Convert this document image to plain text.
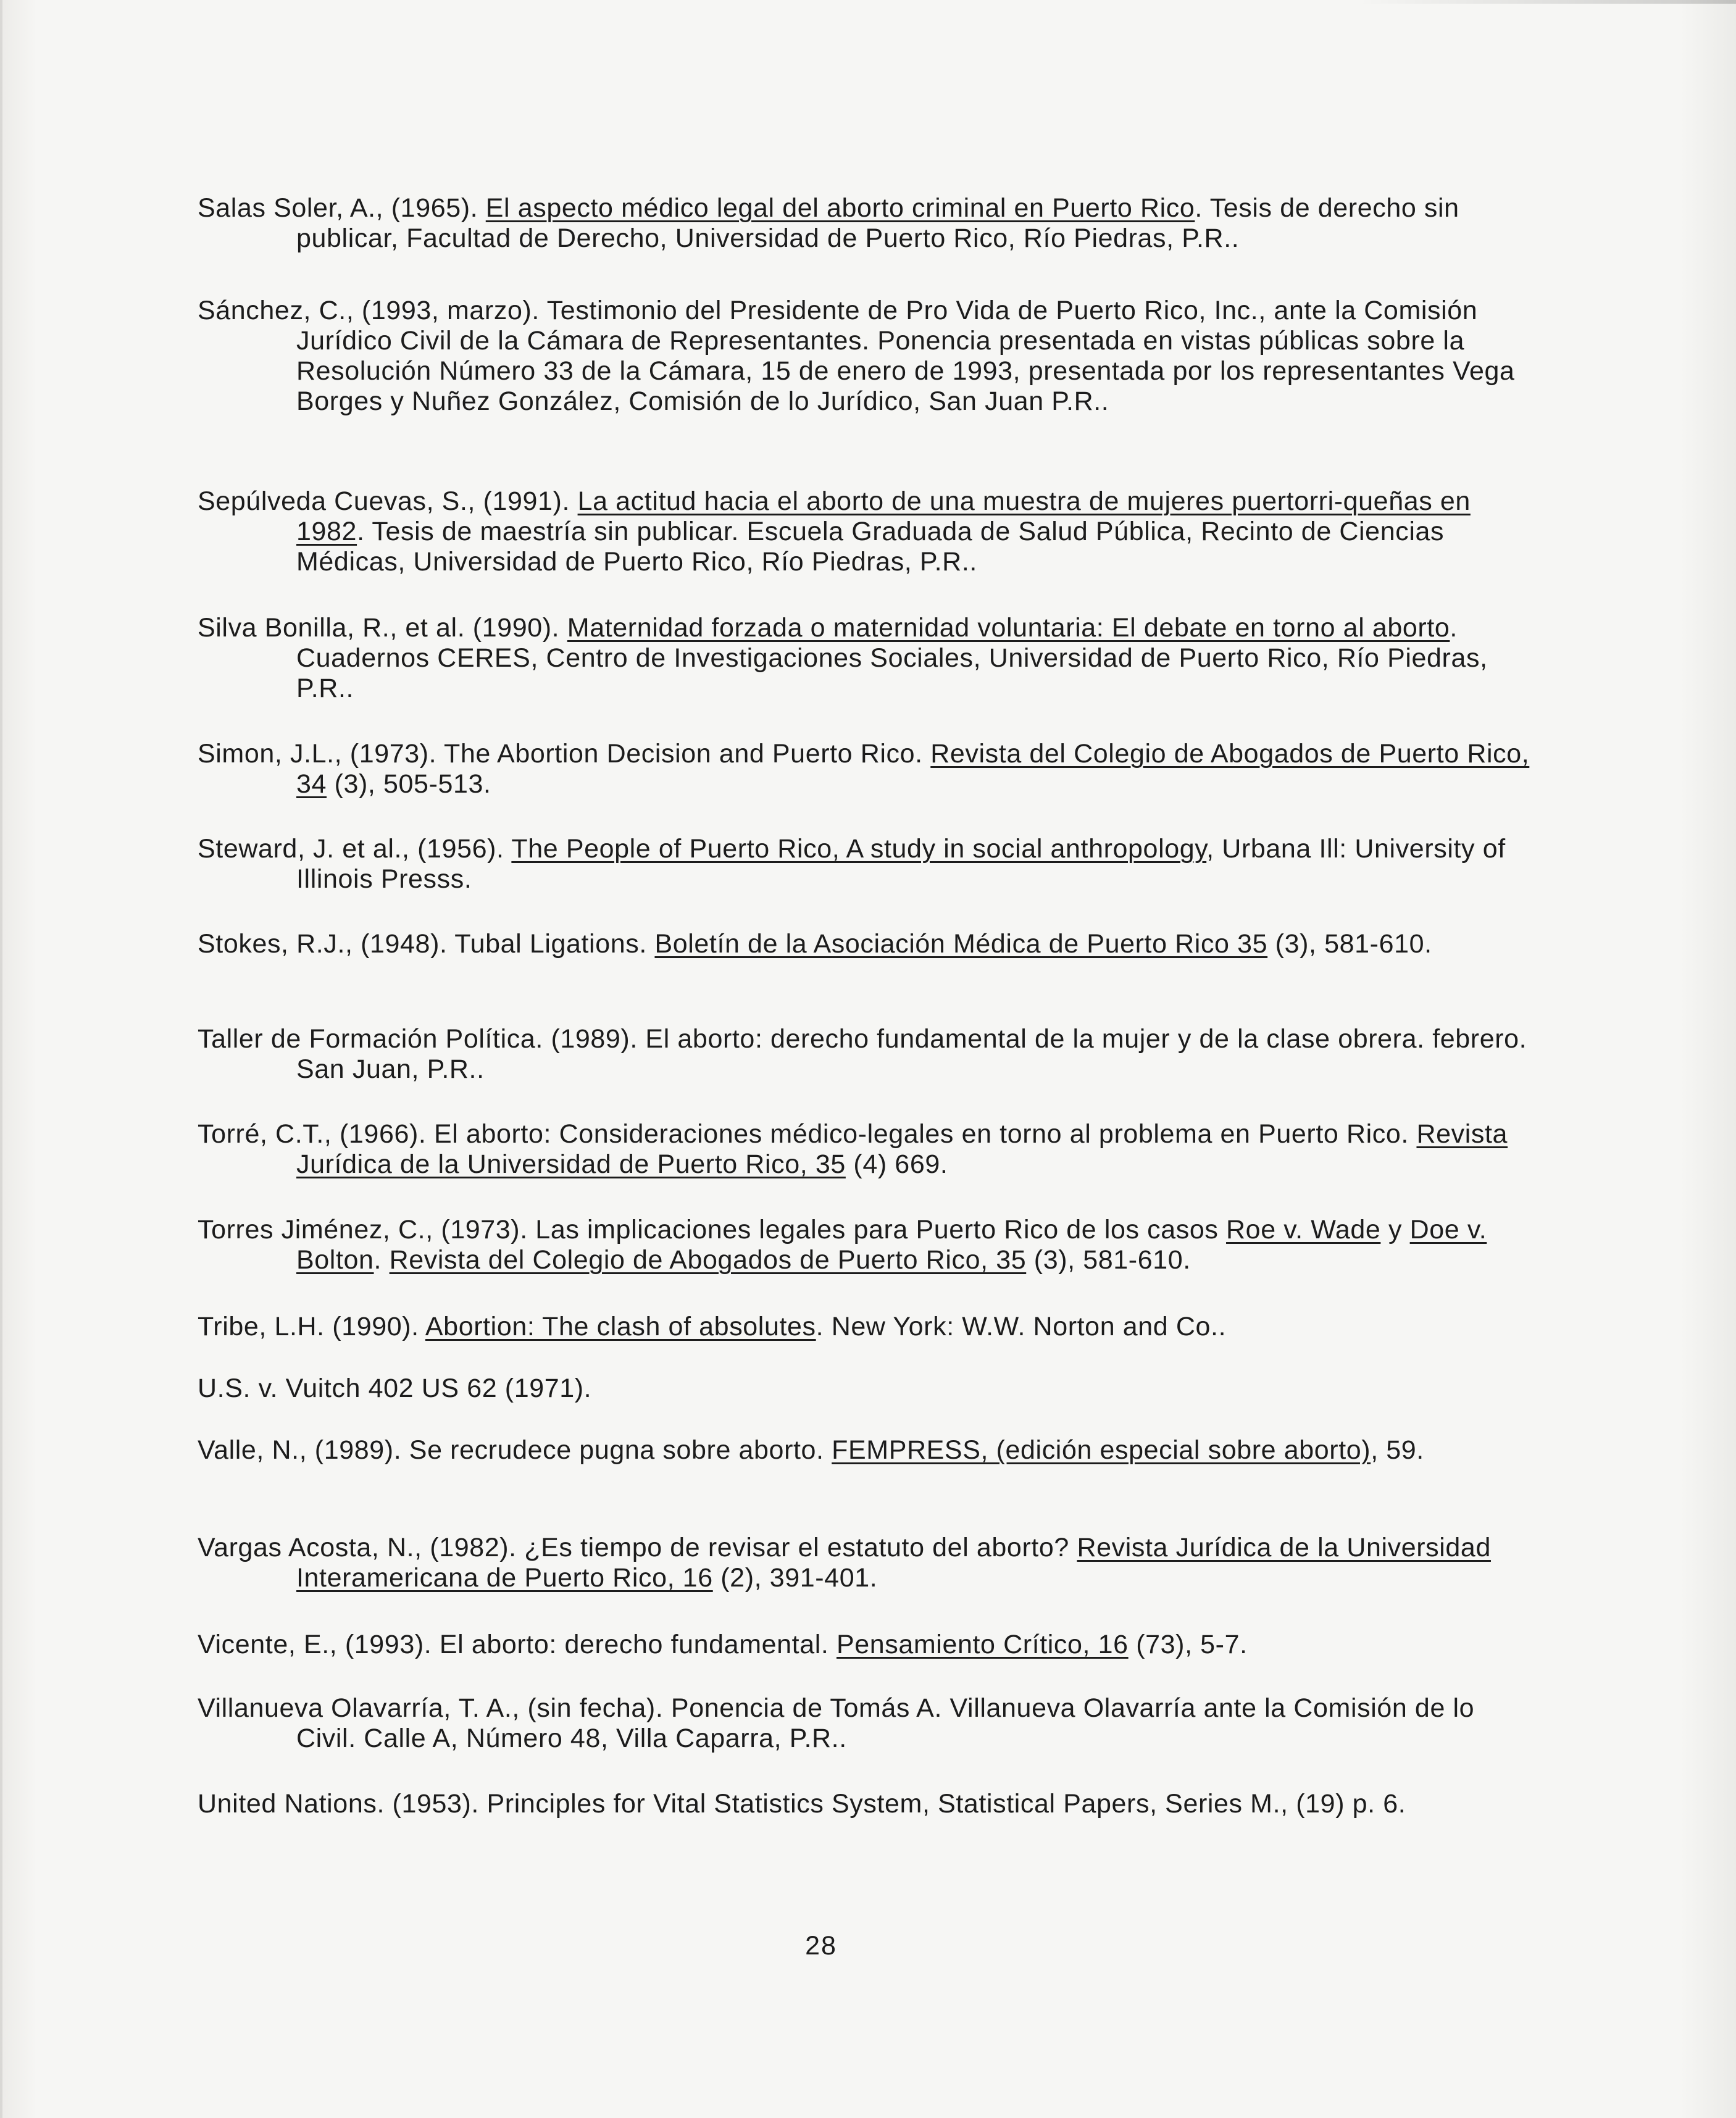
Salas Soler, A., (1965). El aspecto médico legal del aborto criminal en Puerto Rico. Tesis de derecho sin publicar, Facultad de Derecho, Universidad de Puerto Rico, Río Piedras, P.R..

Sánchez, C., (1993, marzo). Testimonio del Presidente de Pro Vida de Puerto Rico, Inc., ante la Comisión Jurídico Civil de la Cámara de Representantes. Ponencia presentada en vistas públicas sobre la Resolución Número 33 de la Cámara, 15 de enero de 1993, presentada por los representantes Vega Borges y Nuñez González, Comisión de lo Jurídico, San Juan P.R..

Sepúlveda Cuevas, S., (1991). La actitud hacia el aborto de una muestra de mujeres puertorri-queñas en 1982. Tesis de maestría sin publicar. Escuela Graduada de Salud Pública, Recinto de Ciencias Médicas, Universidad de Puerto Rico, Río Piedras, P.R..

Silva Bonilla, R., et al. (1990). Maternidad forzada o maternidad voluntaria: El debate en torno al aborto. Cuadernos CERES, Centro de Investigaciones Sociales, Universidad de Puerto Rico, Río Piedras, P.R..

Simon, J.L., (1973). The Abortion Decision and Puerto Rico. Revista del Colegio de Abogados de Puerto Rico, 34 (3), 505-513.

Steward, J. et al., (1956). The People of Puerto Rico, A study in social anthropology, Urbana Ill: University of Illinois Presss.

Stokes, R.J., (1948). Tubal Ligations. Boletín de la Asociación Médica de Puerto Rico 35 (3), 581-610.

Taller de Formación Política. (1989). El aborto: derecho fundamental de la mujer y de la clase obrera. febrero. San Juan, P.R..

Torré, C.T., (1966). El aborto: Consideraciones médico-legales en torno al problema en Puerto Rico. Revista Jurídica de la Universidad de Puerto Rico, 35 (4) 669.

Torres Jiménez, C., (1973). Las implicaciones legales para Puerto Rico de los casos Roe v. Wade y Doe v. Bolton. Revista del Colegio de Abogados de Puerto Rico, 35 (3), 581-610.

Tribe, L.H. (1990). Abortion: The clash of absolutes. New York: W.W. Norton and Co..

U.S. v. Vuitch 402 US 62 (1971).

Valle, N., (1989). Se recrudece pugna sobre aborto. FEMPRESS, (edición especial sobre aborto), 59.

Vargas Acosta, N., (1982). ¿Es tiempo de revisar el estatuto del aborto? Revista Jurídica de la Universidad Interamericana de Puerto Rico, 16 (2), 391-401.

Vicente, E., (1993). El aborto: derecho fundamental. Pensamiento Crítico, 16 (73), 5-7.

Villanueva Olavarría, T. A., (sin fecha). Ponencia de Tomás A. Villanueva Olavarría ante la Comisión de lo Civil. Calle A, Número 48, Villa Caparra, P.R..

United Nations. (1953). Principles for Vital Statistics System, Statistical Papers, Series M., (19) p. 6.

28
